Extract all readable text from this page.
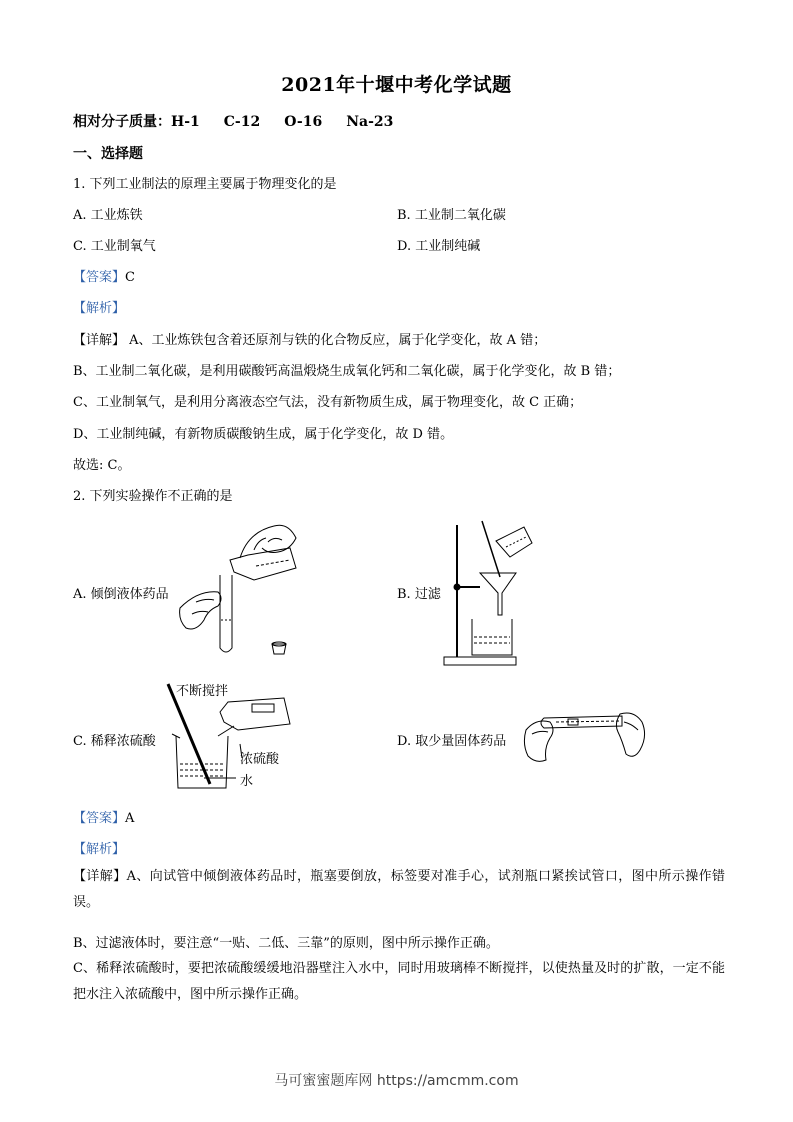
2021年十堰中考化学试题
相对分子质量：H-1 C-12 O-16 Na-23
一、选择题
1. 下列工业制法的原理主要属于物理变化的是
A. 工业炼铁	B. 工业制二氧化碳
C. 工业制氧气	D. 工业制纯碱
【答案】C
【解析】
【详解】 A、工业炼铁包含着还原剂与铁的化合物反应，属于化学变化，故 A 错；
B、工业制二氧化碳，是利用碳酸钙高温煅烧生成氧化钙和二氧化碳，属于化学变化，故 B 错；
C、工业制氧气，是利用分离液态空气法，没有新物质生成，属于物理变化，故 C 正确；
D、工业制纯碱，有新物质碳酸钠生成，属于化学变化，故 D 错。
故选: C。
2. 下列实验操作不正确的是
A. 倾倒液体药品	B. 过滤
C. 稀释浓硫酸	D. 取少量固体药品
不断搅拌
浓硫酸
水
【答案】A
【解析】
【详解】A、向试管中倾倒液体药品时，瓶塞要倒放，标签要对准手心，试剂瓶口紧挨试管口，图中所示操作错误。
B、过滤液体时，要注意“一贴、二低、三靠”的原则，图中所示操作正确。
C、稀释浓硫酸时，要把浓硫酸缓缓地沿器壁注入水中，同时用玻璃棒不断搅拌，以使热量及时的扩散，一定不能把水注入浓硫酸中，图中所示操作正确。
马可蜜蜜题库网 https://amcmm.com
